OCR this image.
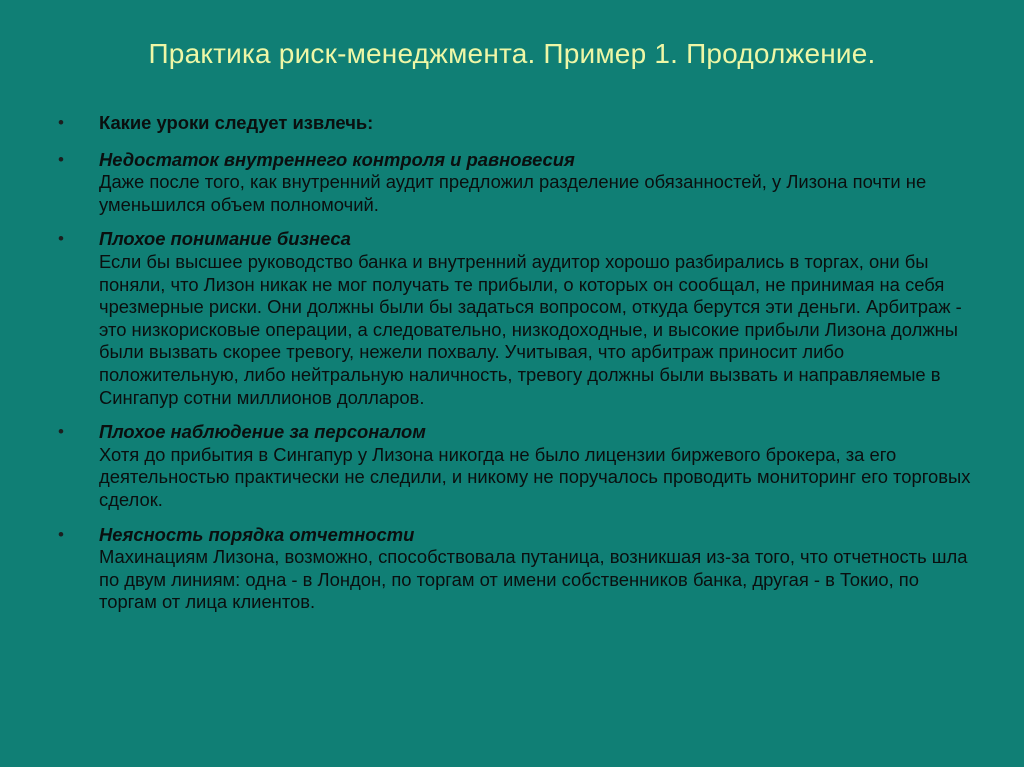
Практика риск-менеджмента. Пример 1. Продолжение.
• Какие уроки следует извлечь:
• Недостаток внутреннего контроля и равновесия
Даже после того, как внутренний аудит предложил разделение обязанностей, у Лизона почти не уменьшился объем полномочий.
• Плохое понимание бизнеса
Если бы высшее руководство банка и внутренний аудитор хорошо разбирались в торгах, они бы поняли, что Лизон никак не мог получать те прибыли, о которых он сообщал, не принимая на себя чрезмерные риски. Они должны были бы задаться вопросом, откуда берутся эти деньги. Арбитраж - это низкорисковые операции, а следовательно, низкодоходные, и высокие прибыли Лизона должны были вызвать скорее тревогу, нежели похвалу. Учитывая, что арбитраж приносит либо положительную, либо нейтральную наличность, тревогу должны были вызвать и направляемые в Сингапур сотни миллионов долларов.
• Плохое наблюдение за персоналом
Хотя до прибытия в Сингапур у Лизона никогда не было лицензии биржевого брокера, за его деятельностью практически не следили, и никому не поручалось проводить мониторинг его торговых сделок.
• Неясность порядка отчетности
Махинациям Лизона, возможно, способствовала путаница, возникшая из-за того, что отчетность шла по двум линиям: одна - в Лондон, по торгам от имени собственников банка, другая - в Токио, по торгам от лица клиентов.
